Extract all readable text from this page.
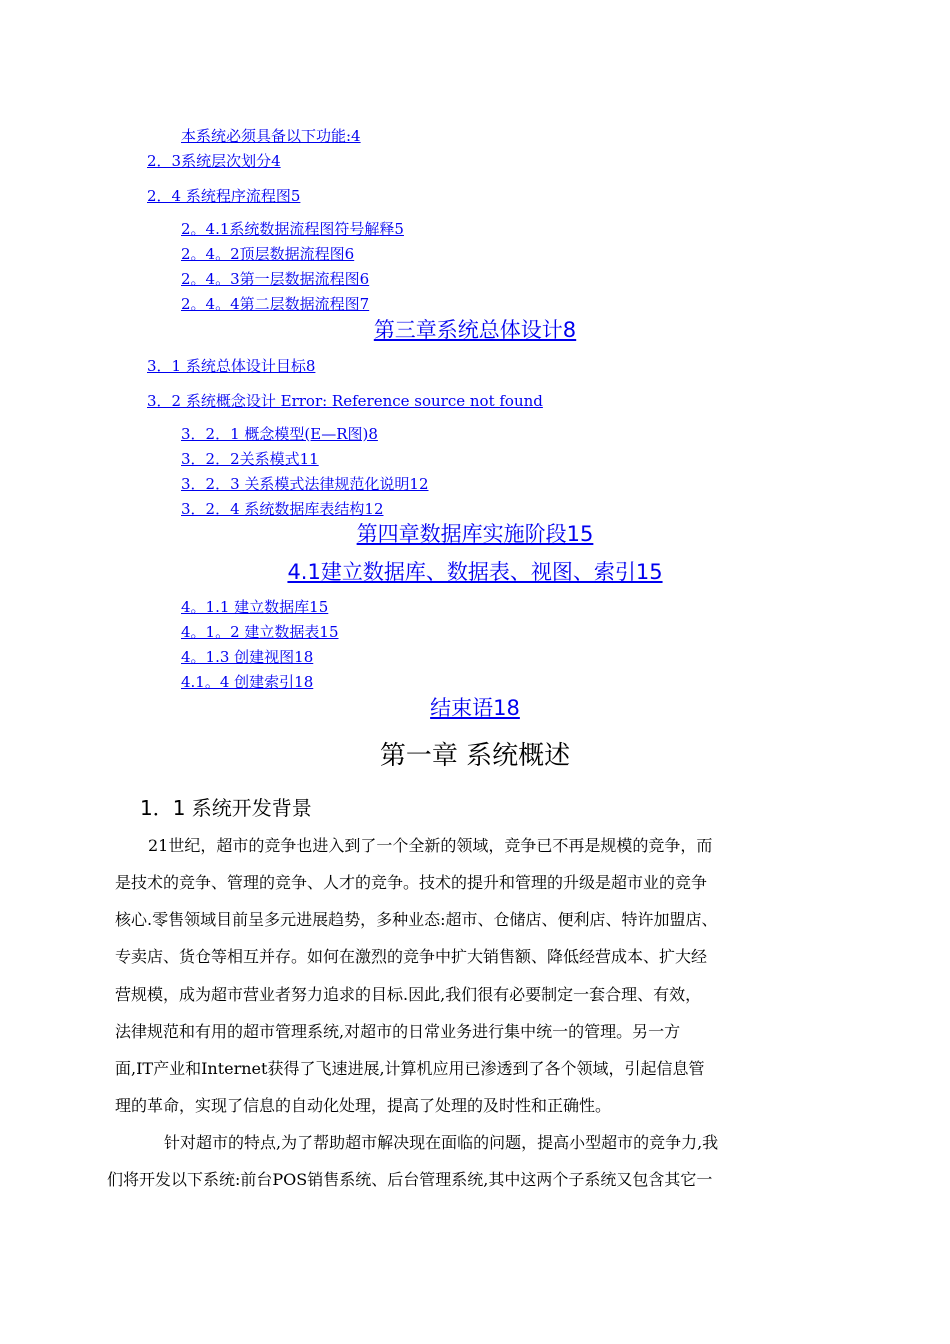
本系统必须具备以下功能:4
2．3系统层次划分4
2．4 系统程序流程图5
2。4.1系统数据流程图符号解释5
2。4。2顶层数据流程图6
2。4。3第一层数据流程图6
2。4。4第二层数据流程图7
第三章系统总体设计8
3．1 系统总体设计目标8
3．2 系统概念设计 Error: Reference source not found
3．2．1 概念模型(E—R图)8
3．2．2关系模式11
3．2．3 关系模式法律规范化说明12
3．2．4 系统数据库表结构12
第四章数据库实施阶段15
4.1建立数据库、数据表、视图、索引15
4。1.1 建立数据库15
4。1。2 建立数据表15
4。1.3 创建视图18
4.1。4 创建索引18
结束语18
第一章 系统概述
1．1 系统开发背景
21世纪，超市的竞争也进入到了一个全新的领域，竞争已不再是规模的竞争，而
是技术的竞争、管理的竞争、人才的竞争。技术的提升和管理的升级是超市业的竞争
核心.零售领域目前呈多元进展趋势，多种业态:超市、仓储店、便利店、特许加盟店、
专卖店、货仓等相互并存。如何在激烈的竞争中扩大销售额、降低经营成本、扩大经
营规模，成为超市营业者努力追求的目标.因此,我们很有必要制定一套合理、有效，
法律规范和有用的超市管理系统,对超市的日常业务进行集中统一的管理。另一方
面,IT产业和Internet获得了飞速进展,计算机应用已渗透到了各个领域，引起信息管
理的革命，实现了信息的自动化处理，提高了处理的及时性和正确性。
针对超市的特点,为了帮助超市解决现在面临的问题，提高小型超市的竞争力,我
们将开发以下系统:前台POS销售系统、后台管理系统,其中这两个子系统又包含其它一
